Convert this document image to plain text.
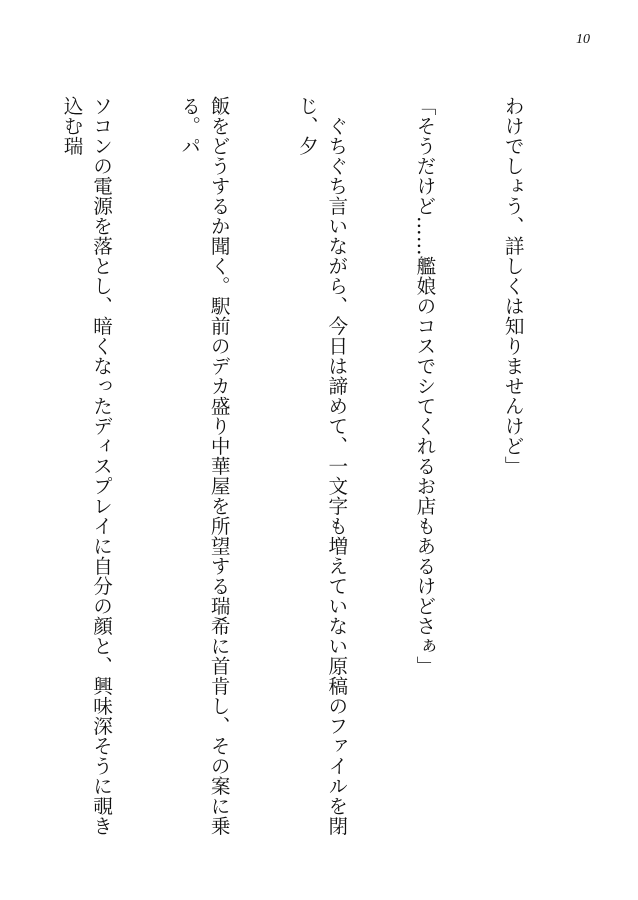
10

わけでしょう、詳しくは知りませんけど」

「そうだけど……艦娘のコスでシてくれるお店もあるけどさぁ」

　ぐちぐち言いながら、今日は諦めて、一文字も増えていない原稿のファイルを閉じ、夕

飯をどうするか聞く。駅前のデカ盛り中華屋を所望する瑞希に首肯し、その案に乗る。パ

ソコンの電源を落とし、暗くなったディスプレイに自分の顔と、興味深そうに覗き込む瑞
